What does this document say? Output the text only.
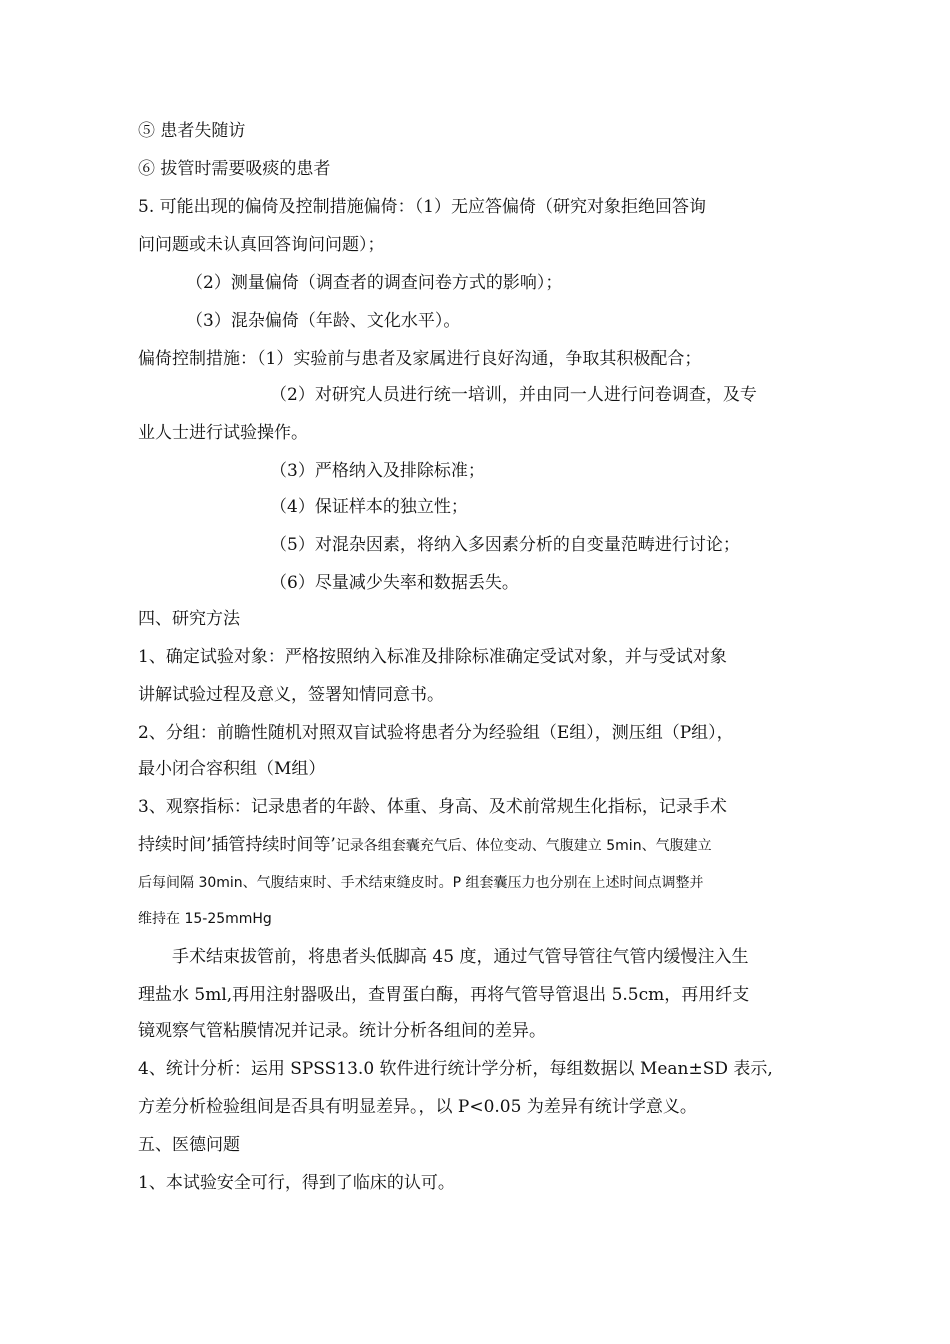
⑤ 患者失随访
⑥ 拔管时需要吸痰的患者
5. 可能出现的偏倚及控制措施偏倚：（1）无应答偏倚（研究对象拒绝回答询
问问题或未认真回答询问问题）；
（2）测量偏倚（调查者的调查问卷方式的影响）；
（3）混杂偏倚（年龄、文化水平）。
偏倚控制措施：（1）实验前与患者及家属进行良好沟通，争取其积极配合；
（2）对研究人员进行统一培训，并由同一人进行问卷调查，及专
业人士进行试验操作。
（3）严格纳入及排除标准；
（4）保证样本的独立性；
（5）对混杂因素，将纳入多因素分析的自变量范畴进行讨论；
（6）尽量减少失率和数据丢失。
四、研究方法
1、确定试验对象：严格按照纳入标准及排除标准确定受试对象，并与受试对象
讲解试验过程及意义，签署知情同意书。
2、分组：前瞻性随机对照双盲试验将患者分为经验组（E组），测压组（P组），
最小闭合容积组（M组）
3、观察指标：记录患者的年龄、体重、身高、及术前常规生化指标，记录手术
持续时间’插管持续时间等’记录各组套囊充气后、体位变动、气腹建立 5min、气腹建立
后每间隔 30min、气腹结束时、手术结束缝皮时。P 组套囊压力也分别在上述时间点调整并
维持在 15-25mmHg
手术结束拔管前，将患者头低脚高 45 度，通过气管导管往气管内缓慢注入生
理盐水 5ml,再用注射器吸出，查胃蛋白酶，再将气管导管退出 5.5cm，再用纤支
镜观察气管粘膜情况并记录。统计分析各组间的差异。
4、统计分析：运用 SPSS13.0 软件进行统计学分析，每组数据以 Mean±SD 表示,
方差分析检验组间是否具有明显差异。，以 P<0.05 为差异有统计学意义。
五、医德问题
1、本试验安全可行，得到了临床的认可。
